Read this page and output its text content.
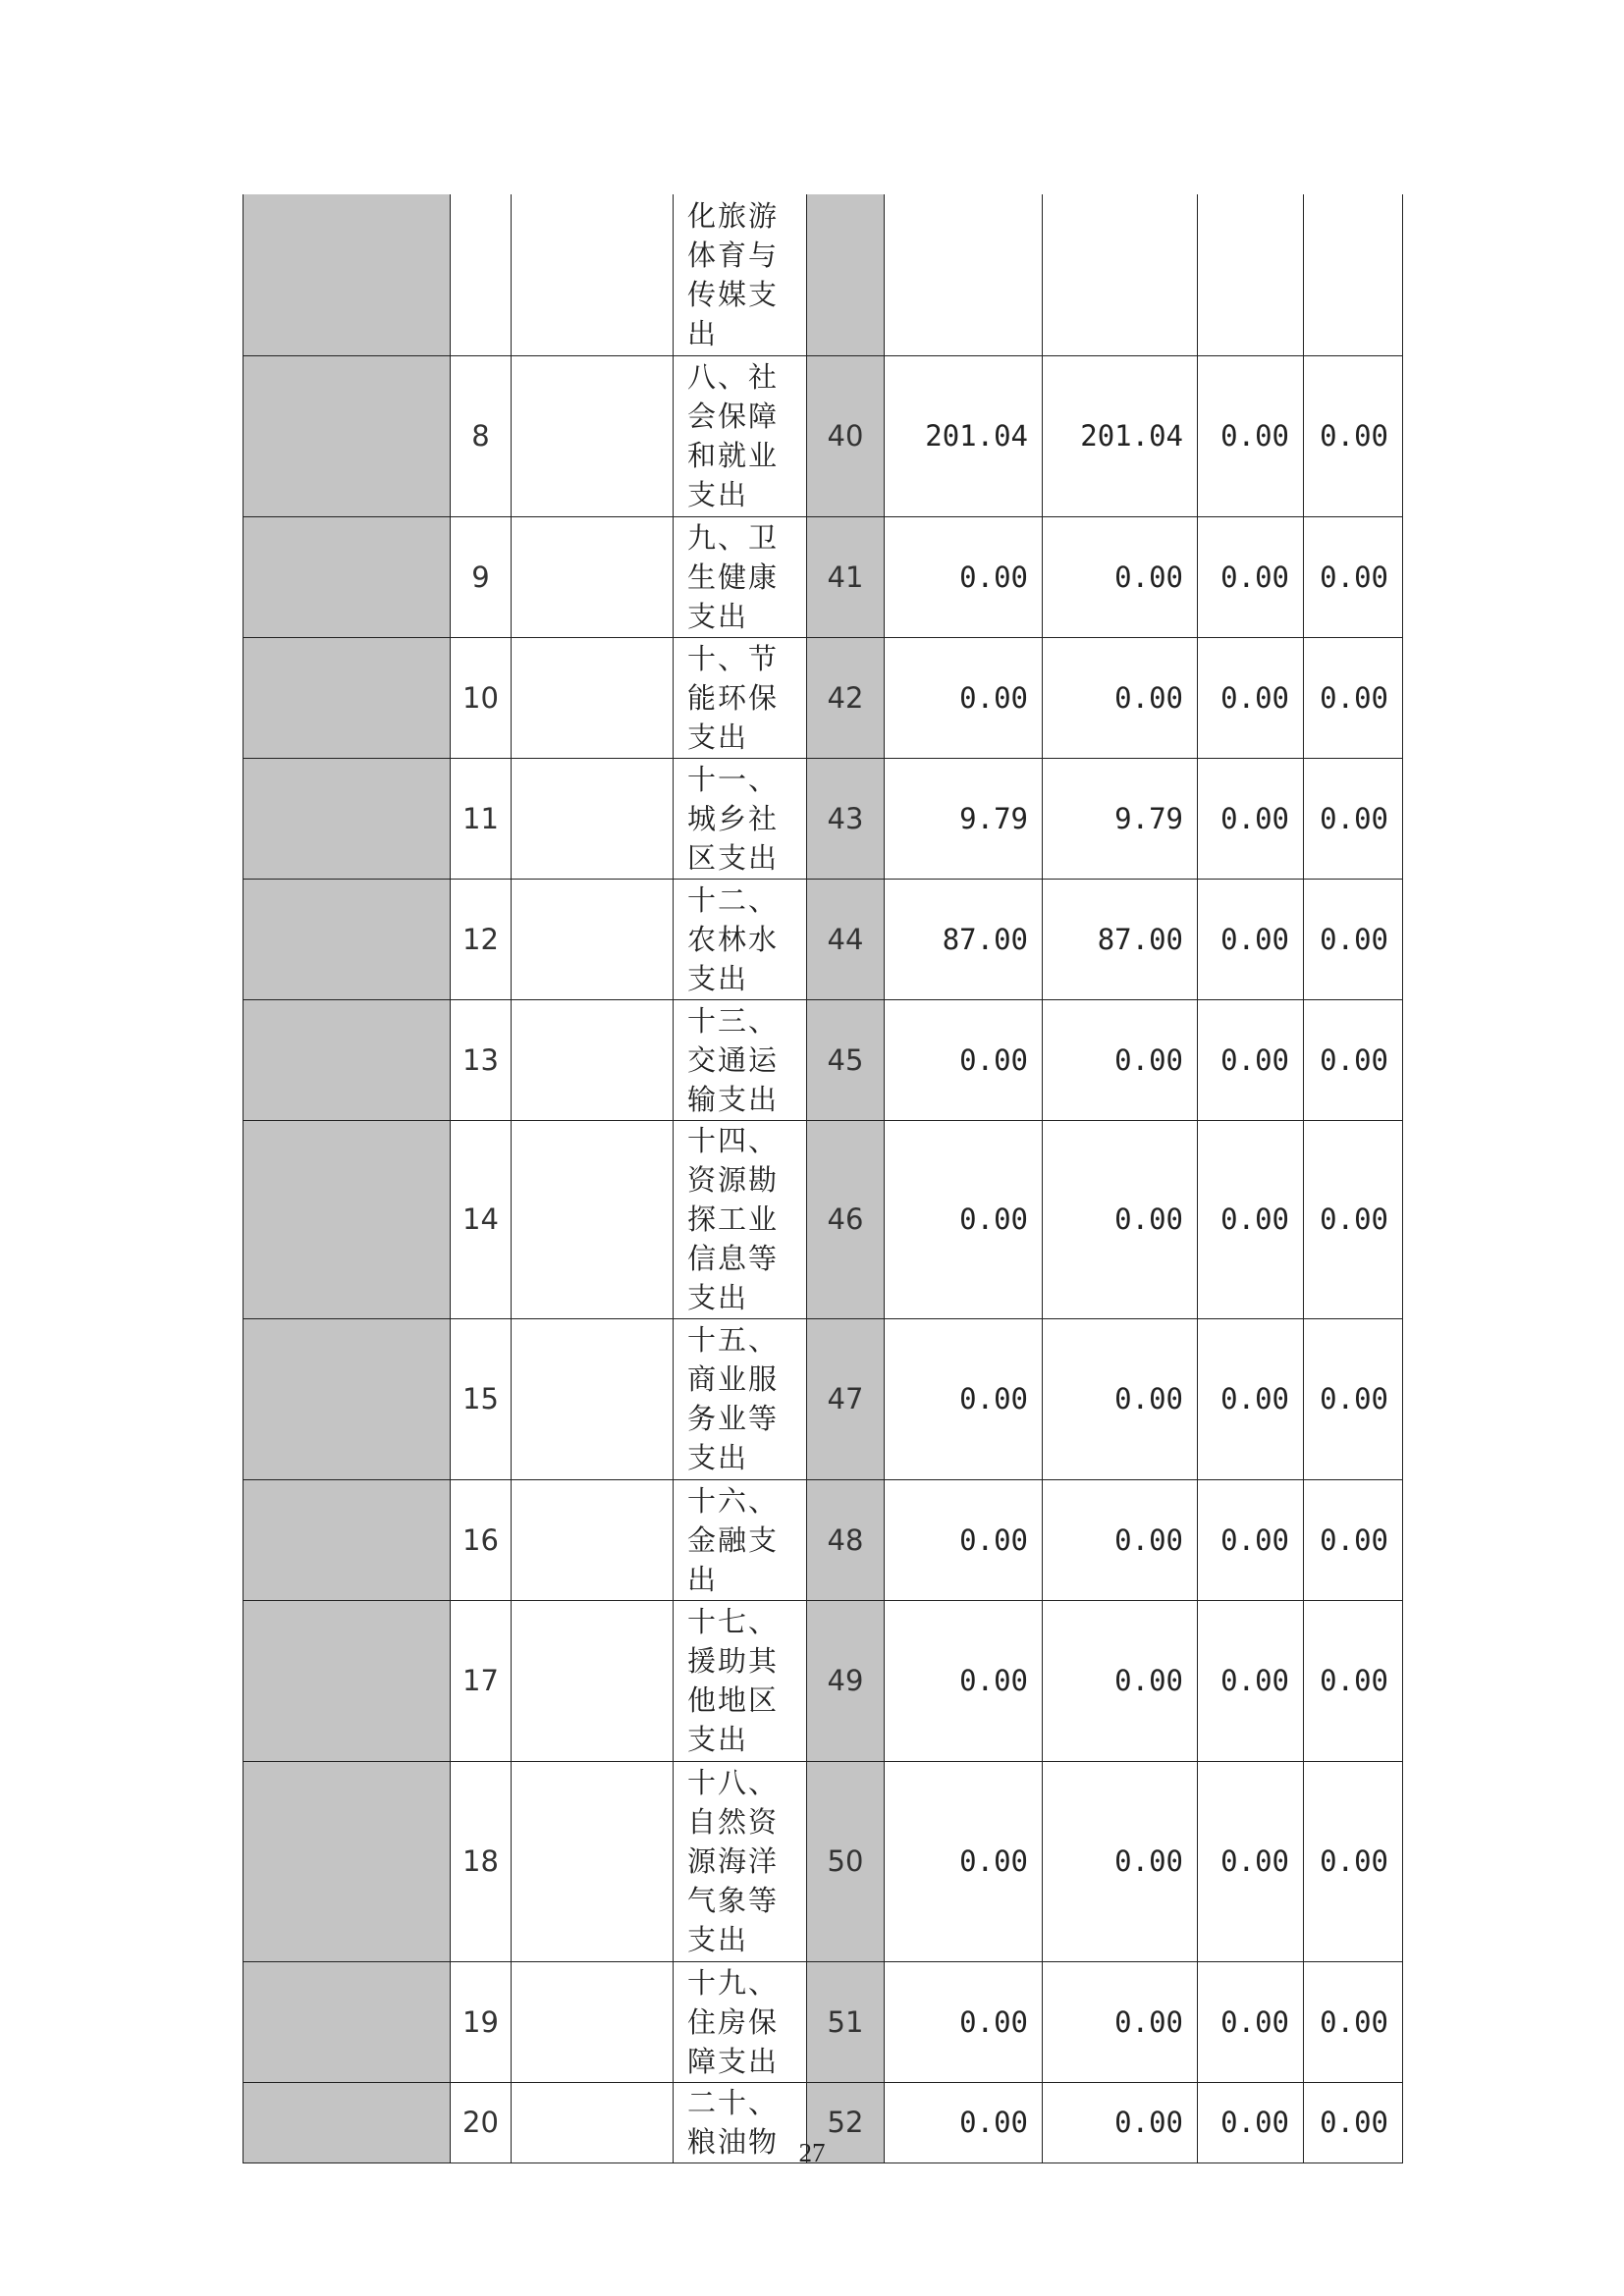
			化旅游
体育与
传媒支
出					

	8		八、社
会保障
和就业
支出	40	201.04	201.04	0.00	0.00
	9		九、卫
生健康
支出	41	0.00	0.00	0.00	0.00
	10		十、节
能环保
支出	42	0.00	0.00	0.00	0.00
	11		十一、
城乡社
区支出	43	9.79	9.79	0.00	0.00
	12		十二、
农林水
支出	44	87.00	87.00	0.00	0.00
	13		十三、
交通运
输支出	45	0.00	0.00	0.00	0.00
	14		十四、
资源勘
探工业
信息等
支出	46	0.00	0.00	0.00	0.00
	15		十五、
商业服
务业等
支出	47	0.00	0.00	0.00	0.00
	16		十六、
金融支
出	48	0.00	0.00	0.00	0.00
	17		十七、
援助其
他地区
支出	49	0.00	0.00	0.00	0.00
	18		十八、
自然资
源海洋
气象等
支出	50	0.00	0.00	0.00	0.00
	19		十九、
住房保
障支出	51	0.00	0.00	0.00	0.00
	20		二十、
粮油物	52	0.00	0.00	0.00	0.00
27
